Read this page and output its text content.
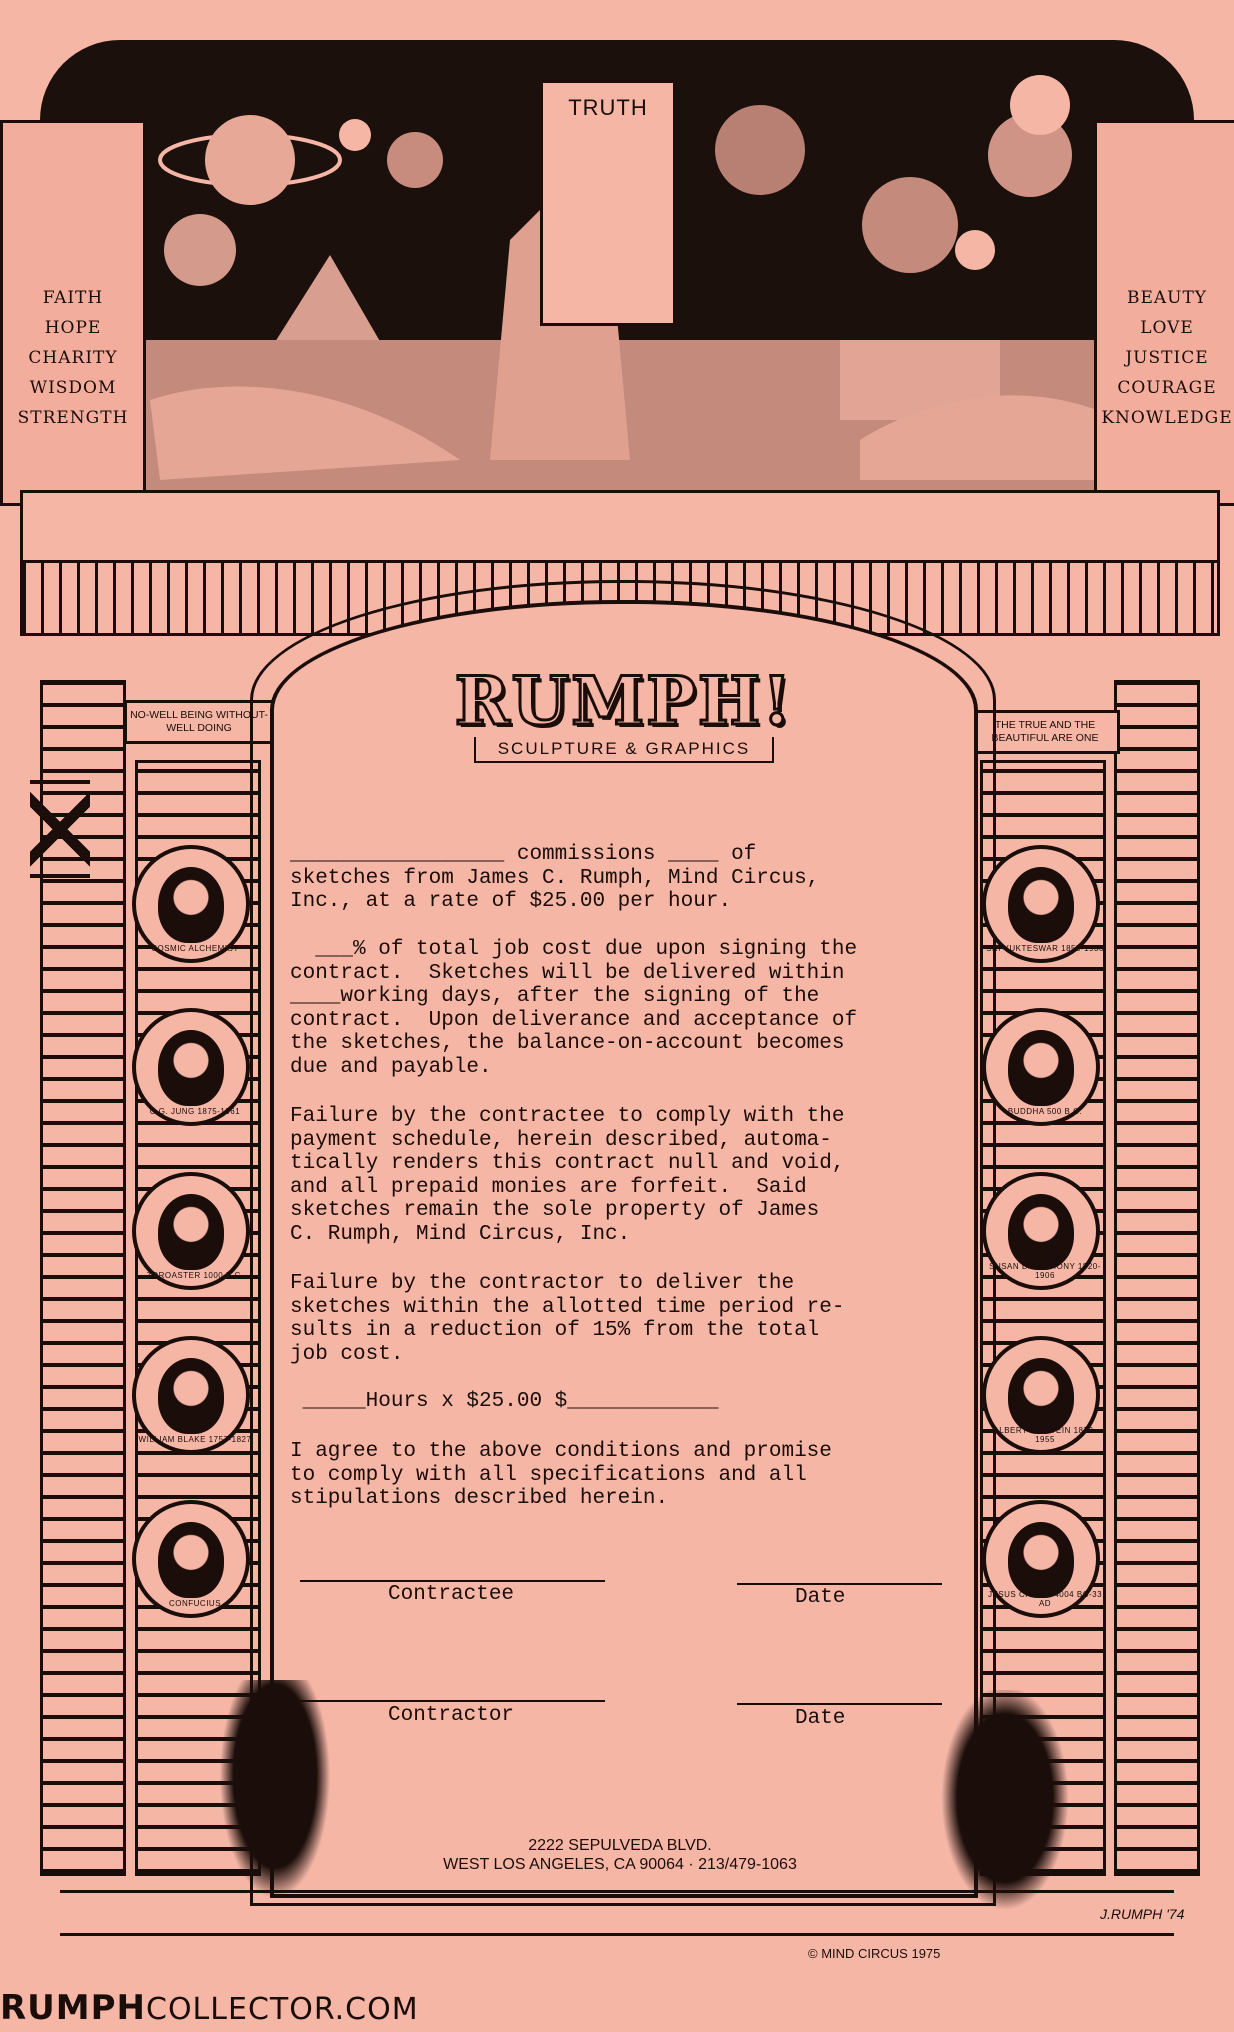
TRUTH
FAITH
HOPE
CHARITY
WISDOM
STRENGTH
BEAUTY
LOVE
JUSTICE
COURAGE
KNOWLEDGE
NO-WELL BEING WITHOUT-WELL DOING	THE TRUE AND THE BEAUTIFUL ARE ONE
RUMPH!
SCULPTURE & GRAPHICS
COSMIC ALCHEMIST
C.G. JUNG 1875-1961
ZOROASTER 1000 B.C.
WILLIAM BLAKE 1757-1827
CONFUCIUS
SRI YUKTESWAR 1855-1936
BUDDHA 500 B.C.
SUSAN B. ANTHONY 1820-1906
ALBERT EINSTEIN 1879-1955
JESUS CHRIST 4004 BC-33 AD
_________________ commissions ____ of
sketches from James C. Rumph, Mind Circus,
Inc., at a rate of $25.00 per hour.
___% of total job cost due upon signing the
contract.  Sketches will be delivered within
____working days, after the signing of the
contract.  Upon deliverance and acceptance of
the sketches, the balance-on-account becomes
due and payable.
Failure by the contractee to comply with the
payment schedule, herein described, automa-
tically renders this contract null and void,
and all prepaid monies are forfeit.  Said
sketches remain the sole property of James
C. Rumph, Mind Circus, Inc.
Failure by the contractor to deliver the
sketches within the allotted time period re-
sults in a reduction of 15% from the total
job cost.
_____Hours x $25.00 $____________
I agree to the above conditions and promise
to comply with all specifications and all
stipulations described herein.
Contractee	Date
Contractor	Date
2222 SEPULVEDA BLVD.
WEST LOS ANGELES, CA 90064 · 213/479-1063
J.RUMPH '74
© MIND CIRCUS 1975
RUMPHCOLLECTOR.COM
